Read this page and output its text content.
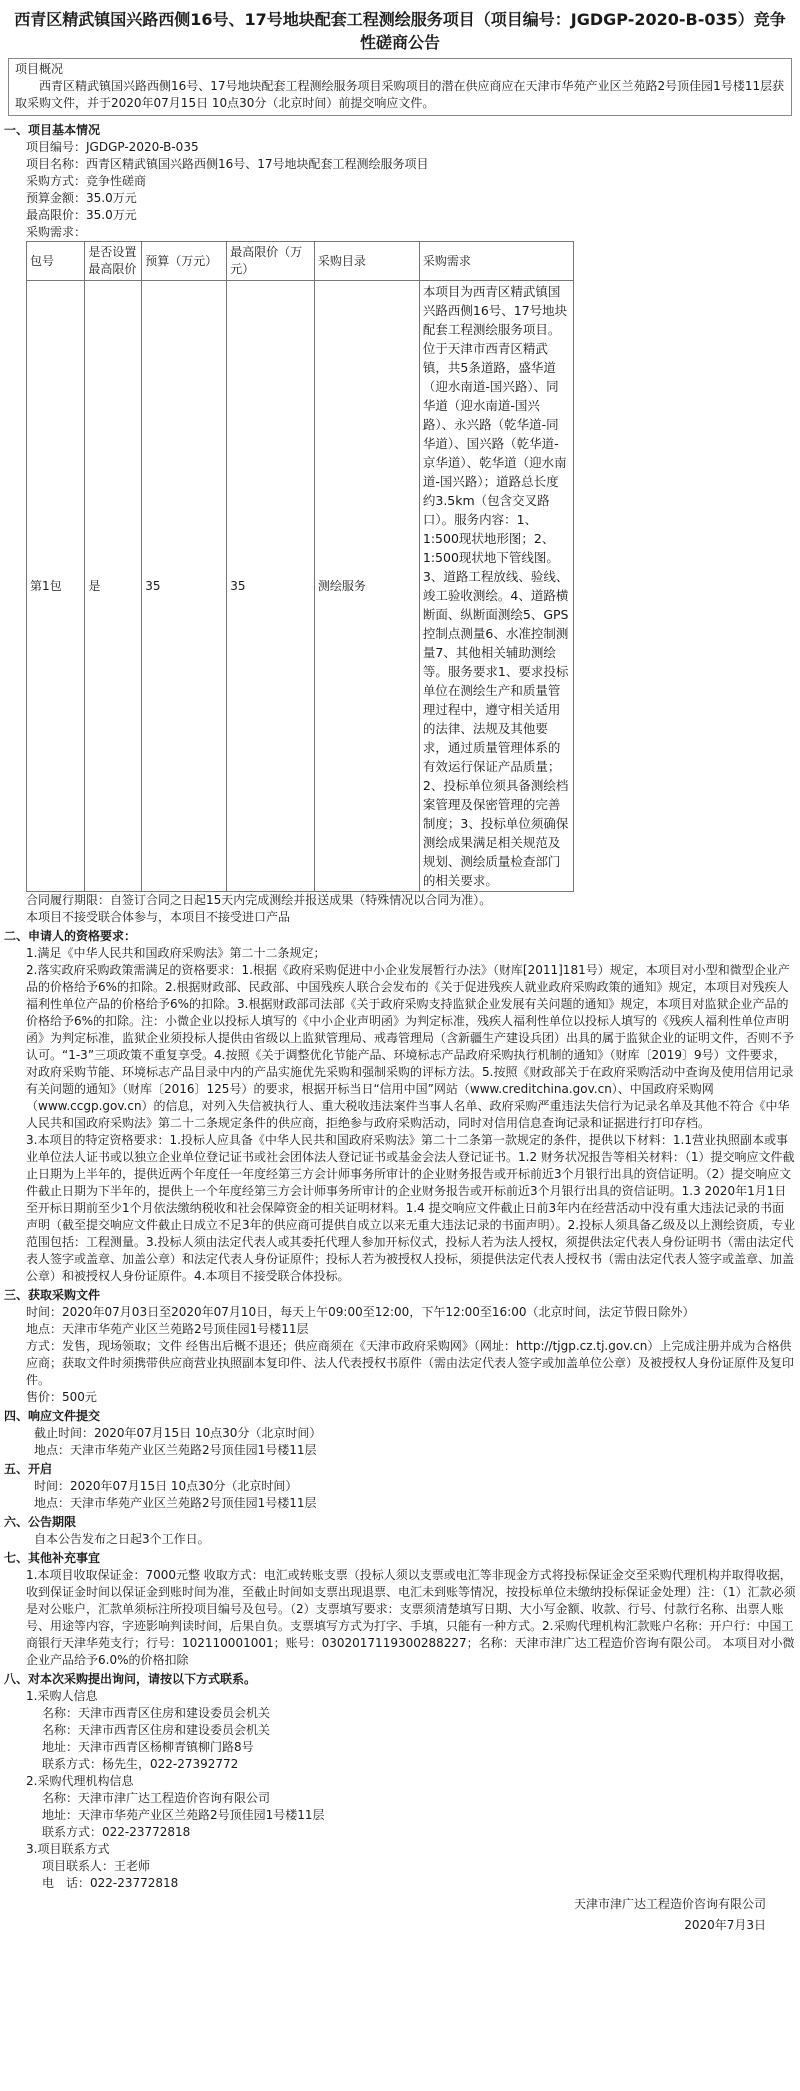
西青区精武镇国兴路西侧16号、17号地块配套工程测绘服务项目（项目编号：JGDGP-2020-B-035）竞争性磋商公告
项目概况
西青区精武镇国兴路西侧16号、17号地块配套工程测绘服务项目采购项目的潜在供应商应在天津市华苑产业区兰苑路2号顶佳园1号楼11层获取采购文件，并于2020年07月15日 10点30分（北京时间）前提交响应文件。
一、项目基本情况
项目编号：JGDGP-2020-B-035
项目名称：西青区精武镇国兴路西侧16号、17号地块配套工程测绘服务项目
采购方式：竞争性磋商
预算金额：35.0万元
最高限价：35.0万元
采购需求：
包号	是否设置最高限价	预算（万元）	最高限价（万元）	采购目录	采购需求
第1包	是	35	35	测绘服务	本项目为西青区精武镇国兴路西侧16号、17号地块配套工程测绘服务项目。位于天津市西青区精武镇，共5条道路，盛华道（迎水南道-国兴路）、同华道（迎水南道-国兴路）、永兴路（乾华道-同华道）、国兴路（乾华道-京华道）、乾华道（迎水南道-国兴路）；道路总长度约3.5km（包含交叉路口）。服务内容：1、1:500现状地形图；2、1:500现状地下管线图。3、道路工程放线、验线、竣工验收测绘。4、道路横断面、纵断面测绘5、GPS控制点测量6、水准控制测量7、其他相关辅助测绘等。服务要求1、要求投标单位在测绘生产和质量管理过程中，遵守相关适用的法律、法规及其他要求，通过质量管理体系的有效运行保证产品质量；2、投标单位须具备测绘档案管理及保密管理的完善制度；3、投标单位须确保测绘成果满足相关规范及规划、测绘质量检查部门的相关要求。
合同履行期限：自签订合同之日起15天内完成测绘并报送成果（特殊情况以合同为准）。
本项目不接受联合体参与，本项目不接受进口产品
二、申请人的资格要求：
1.满足《中华人民共和国政府采购法》第二十二条规定；
2.落实政府采购政策需满足的资格要求：1.根据《政府采购促进中小企业发展暂行办法》（财库[2011]181号）规定，本项目对小型和微型企业产品的价格给予6%的扣除。2.根据财政部、民政部、中国残疾人联合会发布的《关于促进残疾人就业政府采购政策的通知》规定，本项目对残疾人福利性单位产品的价格给予6%的扣除。3.根据财政部司法部《关于政府采购支持监狱企业发展有关问题的通知》规定，本项目对监狱企业产品的价格给予6%的扣除。注：小微企业以投标人填写的《中小企业声明函》为判定标准，残疾人福利性单位以投标人填写的《残疾人福利性单位声明函》为判定标准，监狱企业须投标人提供由省级以上监狱管理局、戒毒管理局（含新疆生产建设兵团）出具的属于监狱企业的证明文件，否则不予认可。“1-3”三项政策不重复享受。4.按照《关于调整优化节能产品、环境标志产品政府采购执行机制的通知》（财库〔2019〕9号）文件要求，对政府采购节能、环境标志产品目录中内的产品实施优先采购和强制采购的评标方法。5.按照《财政部关于在政府采购活动中查询及使用信用记录有关问题的通知》（财库〔2016〕125号）的要求，根据开标当日“信用中国”网站（www.creditchina.gov.cn）、中国政府采购网（www.ccgp.gov.cn）的信息，对列入失信被执行人、重大税收违法案件当事人名单、政府采购严重违法失信行为记录名单及其他不符合《中华人民共和国政府采购法》第二十二条规定条件的供应商，拒绝参与政府采购活动，同时对信用信息查询记录和证据进行打印存档。
3.本项目的特定资格要求：1.投标人应具备《中华人民共和国政府采购法》第二十二条第一款规定的条件，提供以下材料：1.1营业执照副本或事业单位法人证书或以独立企业单位登记证书或社会团体法人登记证书或基金会法人登记证书。1.2 财务状况报告等相关材料：（1）提交响应文件截止日期为上半年的，提供近两个年度任一年度经第三方会计师事务所审计的企业财务报告或开标前近3个月银行出具的资信证明。（2）提交响应文件截止日期为下半年的，提供上一个年度经第三方会计师事务所审计的企业财务报告或开标前近3个月银行出具的资信证明。1.3 2020年1月1日至开标日期前至少1个月依法缴纳税收和社会保障资金的相关证明材料。1.4 提交响应文件截止日前3年内在经营活动中没有重大违法记录的书面声明（截至提交响应文件截止日成立不足3年的供应商可提供自成立以来无重大违法记录的书面声明）。2.投标人须具备乙级及以上测绘资质，专业范围包括：工程测量。3.投标人须由法定代表人或其委托代理人参加开标仪式，投标人若为法人授权，须提供法定代表人身份证明书（需由法定代表人签字或盖章、加盖公章）和法定代表人身份证原件；投标人若为被授权人投标，须提供法定代表人授权书（需由法定代表人签字或盖章、加盖公章）和被授权人身份证原件。4.本项目不接受联合体投标。
三、获取采购文件
时间：2020年07月03日至2020年07月10日，每天上午09:00至12:00，下午12:00至16:00（北京时间，法定节假日除外）
地点：天津市华苑产业区兰苑路2号顶佳园1号楼11层
方式：发售，现场领取；文件 经售出后概不退还；供应商须在《天津市政府采购网》（网址：http://tjgp.cz.tj.gov.cn）上完成注册并成为合格供应商；获取文件时须携带供应商营业执照副本复印件、法人代表授权书原件（需由法定代表人签字或加盖单位公章）及被授权人身份证原件及复印件。
售价：500元
四、响应文件提交
截止时间：2020年07月15日 10点30分（北京时间）
地点：天津市华苑产业区兰苑路2号顶佳园1号楼11层
五、开启
时间：2020年07月15日 10点30分（北京时间）
地点：天津市华苑产业区兰苑路2号顶佳园1号楼11层
六、公告期限
自本公告发布之日起3个工作日。
七、其他补充事宜
1.本项目收取保证金：7000元整 收取方式：电汇或转账支票（投标人须以支票或电汇等非现金方式将投标保证金交至采购代理机构并取得收据，收到保证金时间以保证金到账时间为准，至截止时间如支票出现退票、电汇未到账等情况，按投标单位未缴纳投标保证金处理）注：（1）汇款必须是对公账户，汇款单须标注所投项目编号及包号。（2）支票填写要求：支票须清楚填写日期、大小写金额、收款、行号、付款行名称、出票人账号、用途等内容，字迹影响判读时间，后果自负。支票填写方式为打字、手填，只能有一种方式。2.采购代理机构汇款账户名称：开户行：中国工商银行天津华苑支行；行号：102110001001；账号：0302017119300288227；名称：天津市津广达工程造价咨询有限公司。 本项目对小微企业产品给予6.0%的价格扣除
八、对本次采购提出询问，请按以下方式联系。
1.采购人信息
名称：天津市西青区住房和建设委员会机关
名称：天津市西青区住房和建设委员会机关
地址：天津市西青区杨柳青镇柳门路8号
联系方式：杨先生，022-27392772
2.采购代理机构信息
名称：天津市津广达工程造价咨询有限公司
地址：天津市华苑产业区兰苑路2号顶佳园1号楼11层
联系方式：022-23772818
3.项目联系方式
项目联系人：王老师
电　话：022-23772818
天津市津广达工程造价咨询有限公司
2020年7月3日
